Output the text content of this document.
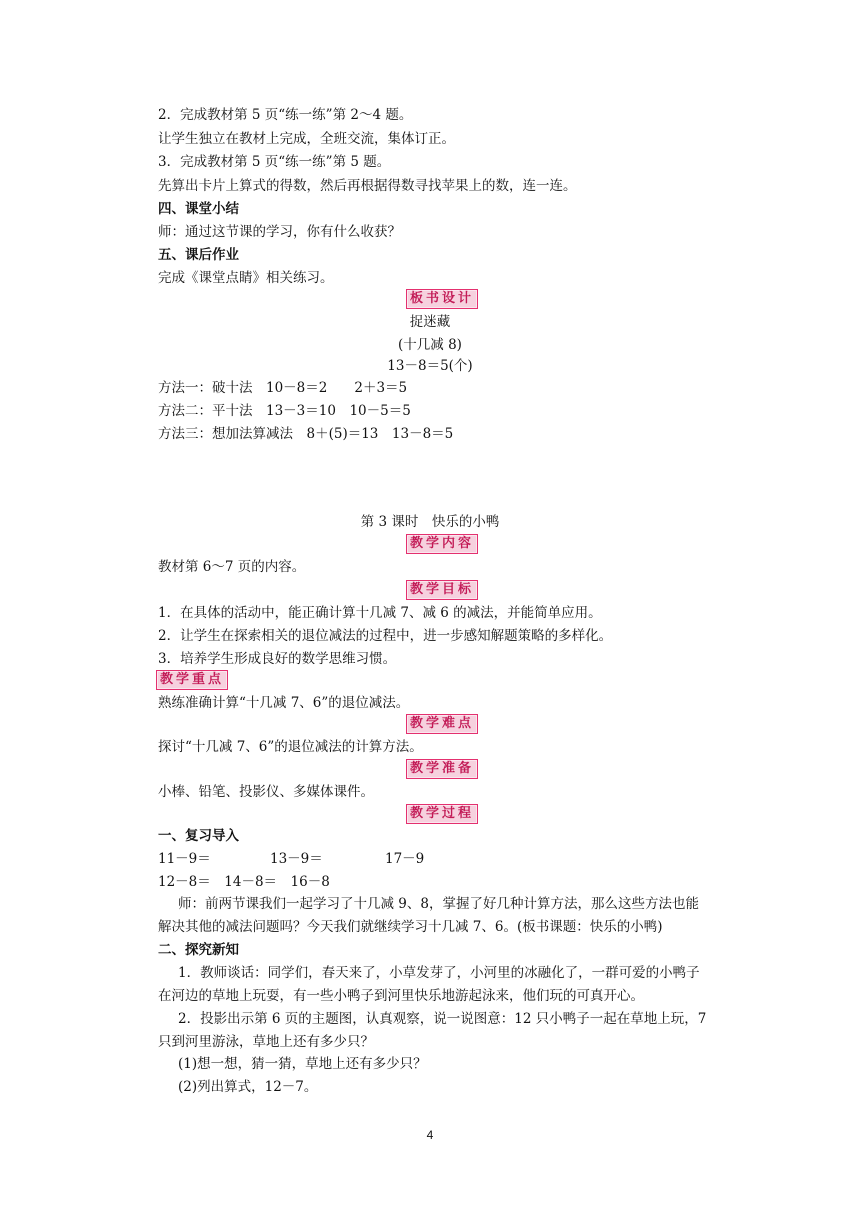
2．完成教材第 5 页“练一练”第 2～4 题。
让学生独立在教材上完成，全班交流，集体订正。
3．完成教材第 5 页“练一练”第 5 题。
先算出卡片上算式的得数，然后再根据得数寻找苹果上的数，连一连。
四、课堂小结
师：通过这节课的学习，你有什么收获？
五、课后作业
完成《课堂点睛》相关练习。
板书设计
捉迷藏
(十几减 8)
13－8＝5(个)
方法一：破十法　10－8＝2　　2＋3＝5
方法二：平十法　13－3＝10　10－5＝5
方法三：想加法算减法　8＋(5)＝13　13－8＝5
第 3 课时　快乐的小鸭
教学内容
教材第 6～7 页的内容。
教学目标
1．在具体的活动中，能正确计算十几减 7、减 6 的减法，并能简单应用。
2．让学生在探索相关的退位减法的过程中，进一步感知解题策略的多样化。
3．培养学生形成良好的数学思维习惯。
教学重点
熟练准确计算“十几减 7、6”的退位减法。
教学难点
探讨“十几减 7、6”的退位减法的计算方法。
教学准备
小棒、铅笔、投影仪、多媒体课件。
教学过程
一、复习导入
11－9＝	13－9＝	17－9
12－8＝　14－8＝　16－8
师：前两节课我们一起学习了十几减 9、8，掌握了好几种计算方法，那么这些方法也能
解决其他的减法问题吗？今天我们就继续学习十几减 7、6。(板书课题：快乐的小鸭)
二、探究新知
1．教师谈话：同学们，春天来了，小草发芽了，小河里的冰融化了，一群可爱的小鸭子
在河边的草地上玩耍，有一些小鸭子到河里快乐地游起泳来，他们玩的可真开心。
2．投影出示第 6 页的主题图，认真观察，说一说图意：12 只小鸭子一起在草地上玩，7
只到河里游泳，草地上还有多少只？
(1)想一想，猜一猜，草地上还有多少只？
(2)列出算式，12－7。
4
